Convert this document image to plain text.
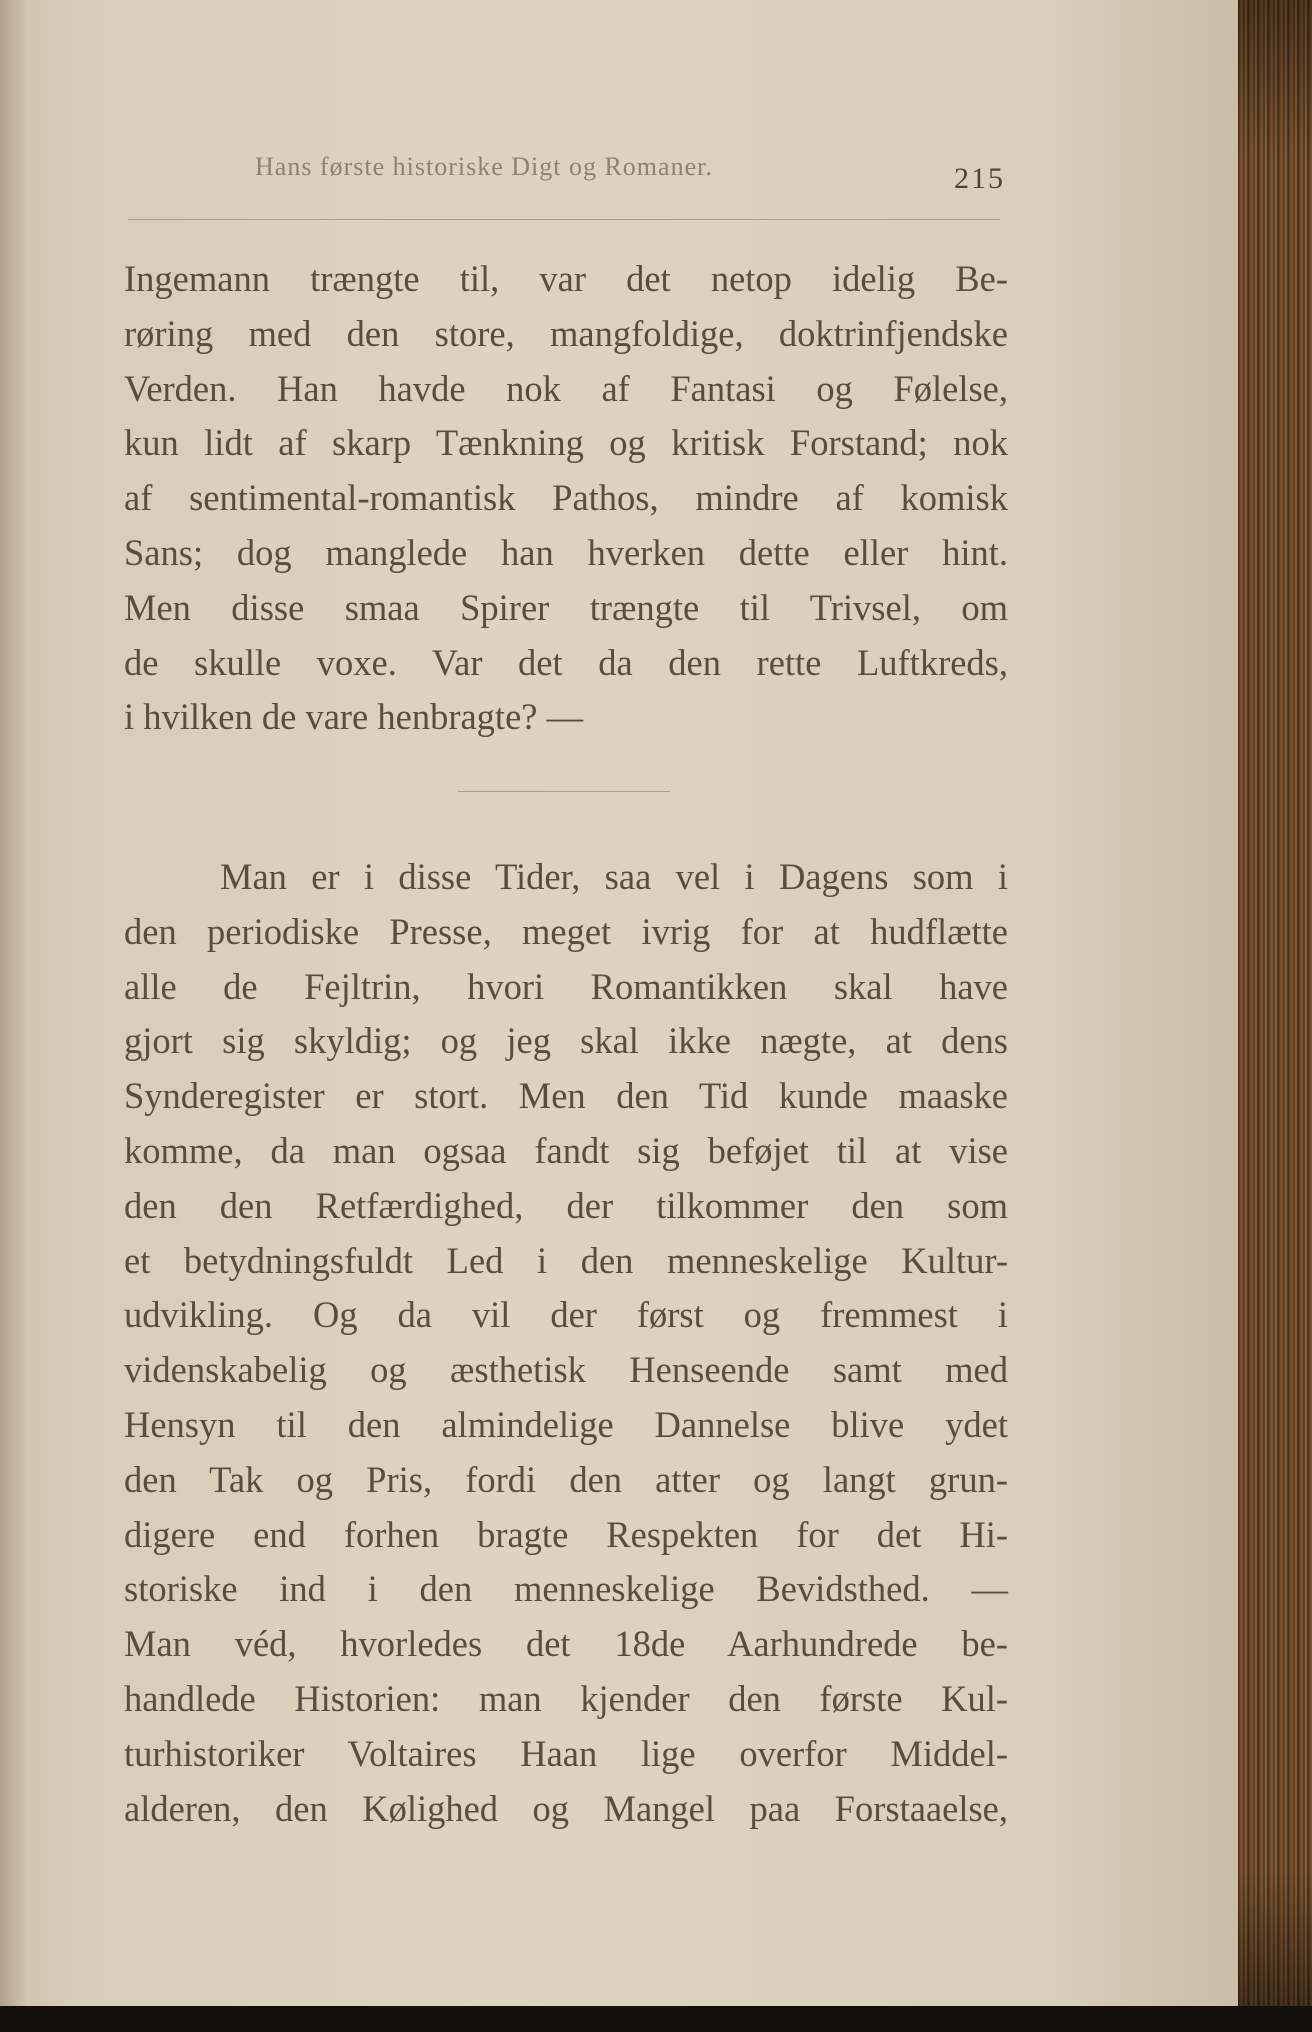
Hans første historiske Digt og Romaner.	215
Ingemann trængte til, var det netop idelig Be-
røring med den store, mangfoldige, doktrinfjendske
Verden. Han havde nok af Fantasi og Følelse,
kun lidt af skarp Tænkning og kritisk Forstand; nok
af sentimental-romantisk Pathos, mindre af komisk
Sans; dog manglede han hverken dette eller hint.
Men disse smaa Spirer trængte til Trivsel, om
de skulle voxe. Var det da den rette Luftkreds,
i hvilken de vare henbragte? —
Man er i disse Tider, saa vel i Dagens som i
den periodiske Presse, meget ivrig for at hudflætte
alle de Fejltrin, hvori Romantikken skal have
gjort sig skyldig; og jeg skal ikke nægte, at dens
Synderegister er stort. Men den Tid kunde maaske
komme, da man ogsaa fandt sig beføjet til at vise
den den Retfærdighed, der tilkommer den som
et betydningsfuldt Led i den menneskelige Kultur-
udvikling. Og da vil der først og fremmest i
videnskabelig og æsthetisk Henseende samt med
Hensyn til den almindelige Dannelse blive ydet
den Tak og Pris, fordi den atter og langt grun-
digere end forhen bragte Respekten for det Hi-
storiske ind i den menneskelige Bevidsthed. —
Man véd, hvorledes det 18de Aarhundrede be-
handlede Historien: man kjender den første Kul-
turhistoriker Voltaires Haan lige overfor Middel-
alderen, den Kølighed og Mangel paa Forstaaelse,
